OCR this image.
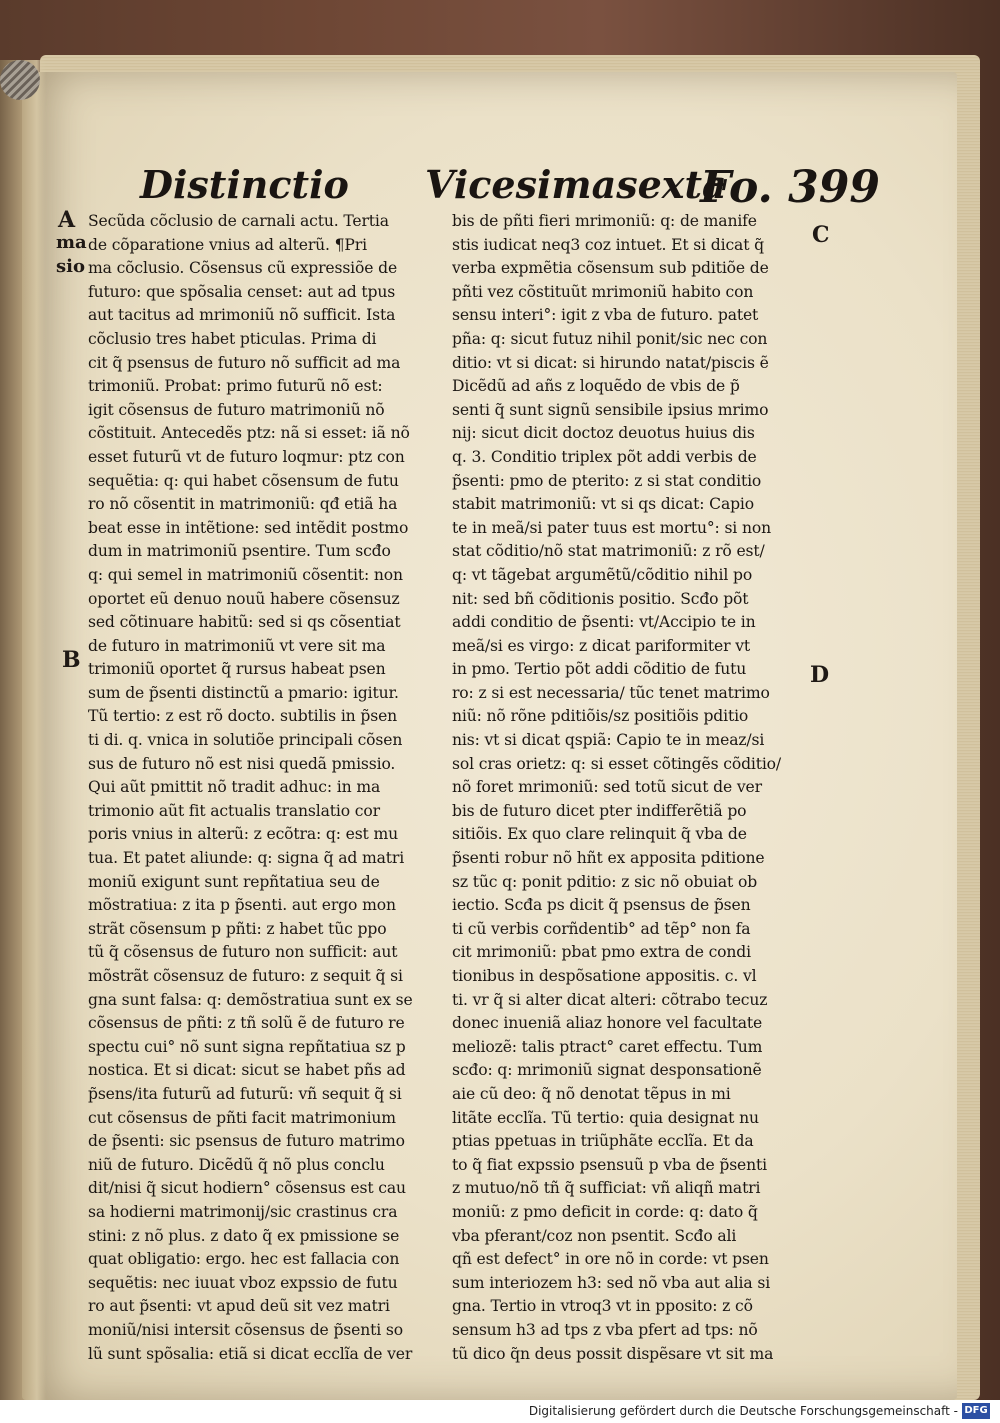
Distinctio Vicesimasexta
Fo. 399
A
ma
sio
C
B
D
Secũda cõclusio de carnali actu. Tertia
de cõparatione vnius ad alterũ. ¶Pri
ma cõclusio. Cõsensus cũ expressiõe de
futuro: que spõsalia censet: aut ad tpus
aut tacitus ad mrimoniũ nõ sufficit. Ista
cõclusio tres habet pticulas. Prima di
cit q̃ psensus de futuro nõ sufficit ad ma
trimoniũ. Probat: primo futurũ nõ est:
igit cõsensus de futuro matrimoniũ nõ
cõstituit. Antecedẽs ptz: nã si esset: iã nõ
esset futurũ vt de futuro loqmur: ptz con
sequẽtia: q: qui habet cõsensum de futu
ro nõ cõsentit in matrimoniũ: qđ etiã ha
beat esse in intẽtione: sed intẽdit postmo
dum in matrimoniũ psentire. Tum scđo
q: qui semel in matrimoniũ cõsentit: non
oportet eũ denuo nouũ habere cõsensuz
sed cõtinuare habitũ: sed si qs cõsentiat
de futuro in matrimoniũ vt vere sit ma
trimoniũ oportet q̃ rursus habeat psen
sum de p̃senti distinctũ a pmario: igitur.
Tũ tertio: z est rõ docto. subtilis in p̃sen
ti di. q. vnica in solutiõe principali cõsen
sus de futuro nõ est nisi quedã pmissio.
Qui aũt pmittit nõ tradit adhuc: in ma
trimonio aũt fit actualis translatio cor
poris vnius in alterũ: z ecõtra: q: est mu
tua. Et patet aliunde: q: signa q̃ ad matri
moniũ exigunt sunt repñtatiua seu de
mõstratiua: z ita p p̃senti. aut ergo mon
strãt cõsensum p pñti: z habet tũc ppo
tũ q̃ cõsensus de futuro non sufficit: aut
mõstrãt cõsensuz de futuro: z sequit q̃ si
gna sunt falsa: q: demõstratiua sunt ex se
cõsensus de pñti: z tñ solũ ẽ de futuro re
spectu cui° nõ sunt signa repñtatiua sz p
nostica. Et si dicat: sicut se habet pñs ad
p̃sens/ita futurũ ad futurũ: vñ sequit q̃ si
cut cõsensus de pñti facit matrimonium
de p̃senti: sic psensus de futuro matrimo
niũ de futuro. Dicẽdũ q̃ nõ plus conclu
dit/nisi q̃ sicut hodiern° cõsensus est cau
sa hodierni matrimonij/sic crastinus cra
stini: z nõ plus. z dato q̃ ex pmissione se
quat obligatio: ergo. hec est fallacia con
sequẽtis: nec iuuat vboz expssio de futu
ro aut p̃senti: vt apud deũ sit vez matri
moniũ/nisi intersit cõsensus de p̃senti so
lũ sunt spõsalia: etiã si dicat ecclĩa de ver
bis de pñti fieri mrimoniũ: q: de manife
stis iudicat neq3 coz intuet. Et si dicat q̃
verba expmẽtia cõsensum sub pditiõe de
pñti vez cõstituũt mrimoniũ habito con
sensu interi°: igit z vba de futuro. patet
pña: q: sicut futuz nihil ponit/sic nec con
ditio: vt si dicat: si hirundo natat/piscis ẽ
Dicẽdũ ad añs z loquẽdo de vbis de p̃
senti q̃ sunt signũ sensibile ipsius mrimo
nij: sicut dicit doctoz deuotus huius dis
q. 3. Conditio triplex põt addi verbis de
p̃senti: pmo de pterito: z si stat conditio
stabit matrimoniũ: vt si qs dicat: Capio
te in meã/si pater tuus est mortu°: si non
stat cõditio/nõ stat matrimoniũ: z rõ est/
q: vt tãgebat argumẽtũ/cõditio nihil po
nit: sed bñ cõditionis positio. Scđo põt
addi conditio de p̃senti: vt/Accipio te in
meã/si es virgo: z dicat pariformiter vt
in pmo. Tertio põt addi cõditio de futu
ro: z si est necessaria/ tũc tenet matrimo
niũ: nõ rõne pditiõis/sz positiõis pditio
nis: vt si dicat qspiã: Capio te in meaz/si
sol cras orietz: q: si esset cõtingẽs cõditio/
nõ foret mrimoniũ: sed totũ sicut de ver
bis de futuro dicet pter indifferẽtiã po
sitiõis. Ex quo clare relinquit q̃ vba de
p̃senti robur nõ hñt ex apposita pditione
sz tũc q: ponit pditio: z sic nõ obuiat ob
iectio. Scđa ps dicit q̃ psensus de p̃sen
ti cũ verbis corñdentib° ad tẽp° non fa
cit mrimoniũ: pbat pmo extra de condi
tionibus in despõsatione appositis. c. vl
ti. vr q̃ si alter dicat alteri: cõtrabo tecuz
donec inueniã aliaz honore vel facultate
meliozẽ: talis ptract° caret effectu. Tum
scđo: q: mrimoniũ signat desponsationẽ
aie cũ deo: q̃ nõ denotat tẽpus in mi
litãte ecclĩa. Tũ tertio: quia designat nu
ptias ppetuas in triũphãte ecclĩa. Et da
to q̃ fiat expssio psensuũ p vba de p̃senti
z mutuo/nõ tñ q̃ sufficiat: vñ aliqñ matri
moniũ: z pmo deficit in corde: q: dato q̃
vba pferant/coz non psentit. Scđo ali
qñ est defect° in ore nõ in corde: vt psen
sum interiozem h3: sed nõ vba aut alia si
gna. Tertio in vtroq3 vt in pposito: z cõ
sensum h3 ad tps z vba pfert ad tps: nõ
tũ dico q̃n deus possit dispẽsare vt sit ma
Digitalisierung gefördert durch die Deutsche Forschungsgemeinschaft - DFG
